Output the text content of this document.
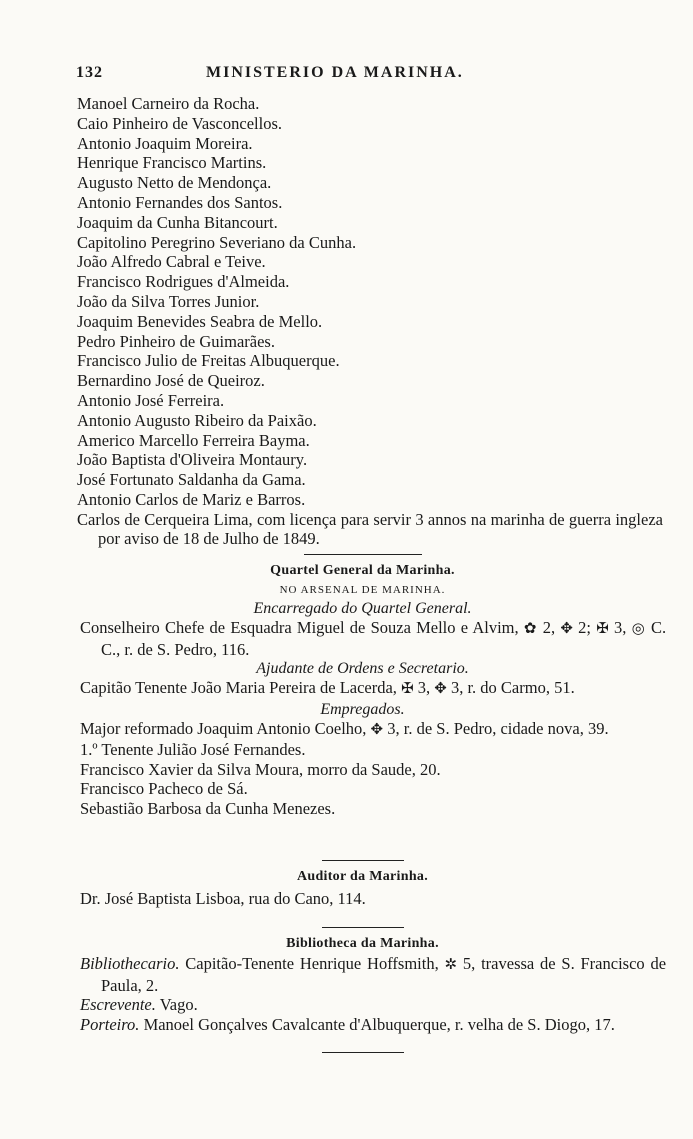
132	MINISTERIO DA MARINHA.
Manoel Carneiro da Rocha.
Caio Pinheiro de Vasconcellos.
Antonio Joaquim Moreira.
Henrique Francisco Martins.
Augusto Netto de Mendonça.
Antonio Fernandes dos Santos.
Joaquim da Cunha Bitancourt.
Capitolino Peregrino Severiano da Cunha.
João Alfredo Cabral e Teive.
Francisco Rodrigues d'Almeida.
João da Silva Torres Junior.
Joaquim Benevides Seabra de Mello.
Pedro Pinheiro de Guimarães.
Francisco Julio de Freitas Albuquerque.
Bernardino José de Queiroz.
Antonio José Ferreira.
Antonio Augusto Ribeiro da Paixão.
Americo Marcello Ferreira Bayma.
João Baptista d'Oliveira Montaury.
José Fortunato Saldanha da Gama.
Antonio Carlos de Mariz e Barros.
Carlos de Cerqueira Lima, com licença para servir 3 annos na marinha de guerra ingleza por aviso de 18 de Julho de 1849.
Quartel General da Marinha.
NO ARSENAL DE MARINHA.
Encarregado do Quartel General.
Conselheiro Chefe de Esquadra Miguel de Souza Mello e Alvim, ✿ 2, ✥ 2; ✠ 3, ◎ C. C., r. de S. Pedro, 116.
Ajudante de Ordens e Secretario.
Capitão Tenente João Maria Pereira de Lacerda, ✠ 3, ✥ 3, r. do Carmo, 51.
Empregados.
Major reformado Joaquim Antonio Coelho, ✥ 3, r. de S. Pedro, cidade nova, 39.
1.º Tenente Julião José Fernandes.
Francisco Xavier da Silva Moura, morro da Saude, 20.
Francisco Pacheco de Sá.
Sebastião Barbosa da Cunha Menezes.
Auditor da Marinha.
Dr. José Baptista Lisboa, rua do Cano, 114.
Bibliotheca da Marinha.
Bibliothecario. Capitão-Tenente Henrique Hoffsmith, ✲ 5, travessa de S. Francisco de Paula, 2.
Escrevente. Vago.
Porteiro. Manoel Gonçalves Cavalcante d'Albuquerque, r. velha de S. Diogo, 17.
